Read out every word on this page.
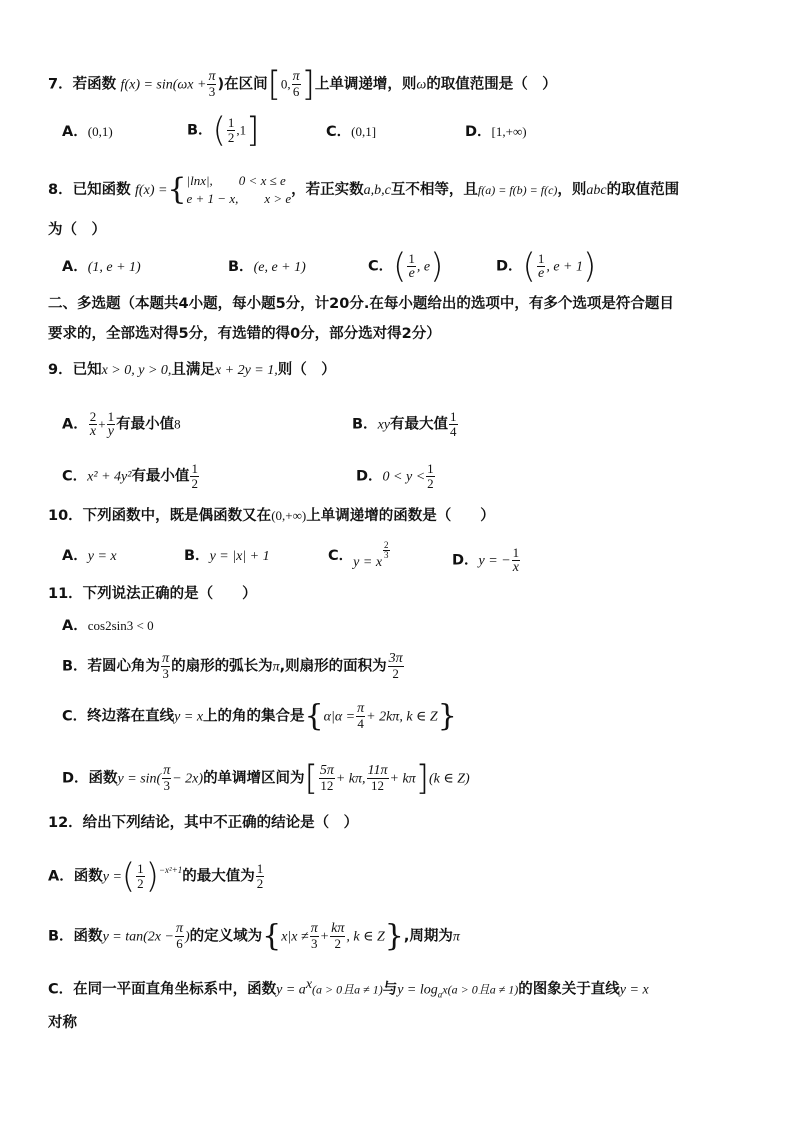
7．若函数 $f(x) = \sin(\omega x + \frac{\pi}{3}$ )在区间[0, $\frac{\pi}{6}$ ]上单调递增，则ω的取值范围是（　）
A．(0,1)	B．( $\frac{1}{2} ,1$]	C．(0,1]	D．[1,+∞)
8．已知函数 f(x) ={ |lnx|,　　0 < x ≤ e
e + 1 − x,　　x > e
，若正实数a,b,c互不相等，且f(a) = f(b) = f(c)，则abc的取值范围
为（　）
A．(1, e + 1)	B．(e, e + 1)	C．( $\frac{1}{e}$ , e)	D．( $\frac{1}{e}$ , e + 1)
二、多选题（本题共4小题，每小题5分，计20分.在每小题给出的选项中，有多个选项是符合题目
要求的，全部选对得5分，有选错的得0分，部分选对得2分）
9．已知x > 0, y > 0,且满足x + 2y = 1,则（　）
A． $\frac{2}{x} + \frac{1}{y}$ 有最小值8	B．xy有最大值 $\frac{1}{4}$
C．x² + 4y²有最小值 $\frac{1}{2}$	D．$0 < y < \frac{1}{2}$
10．下列函数中，既是偶函数又在(0,+∞)上单调递增的函数是（　　）
A．y = x	B．y = |x| + 1	C．y = x
$\frac{2}{3}$
D．y = − $\frac{1}{x}$
11．下列说法正确的是（　　）
A．cos2sin3 < 0
B．若圆心角为 $\frac{\pi}{3}$ 的扇形的弧长为π,则扇形的面积为 $\frac{3\pi}{2}$
C．终边落在直线y = x上的角的集合是{$\alpha|\alpha = \frac{\pi}{4} + 2k\pi$, k ∈ Z}
D．函数$y = \sin( \frac{\pi}{3} - 2x)$的单调增区间为[ $\frac{5\pi}{12} + k\pi$, $\frac{11\pi}{12} + k\pi](k$ ∈ Z)
12．给出下列结论，其中不正确的结论是（　）
A．函数y =( $\frac{1}{2} )^{-x^2+1}$的最大值为 $\frac{1}{2}$
B．函数$y = \tan(2x - \frac{\pi}{6}$ )的定义域为{$x|x \ne \frac{\pi}{3} + \frac{k\pi}{2}$ , k ∈ Z},周期为π
C．在同一平面直角坐标系中，函数$y = a^x(a > 0$且a ≠ 1)与$y = \log_ax(a > 0$且a ≠ 1)的图象关于直线y = x
对称
